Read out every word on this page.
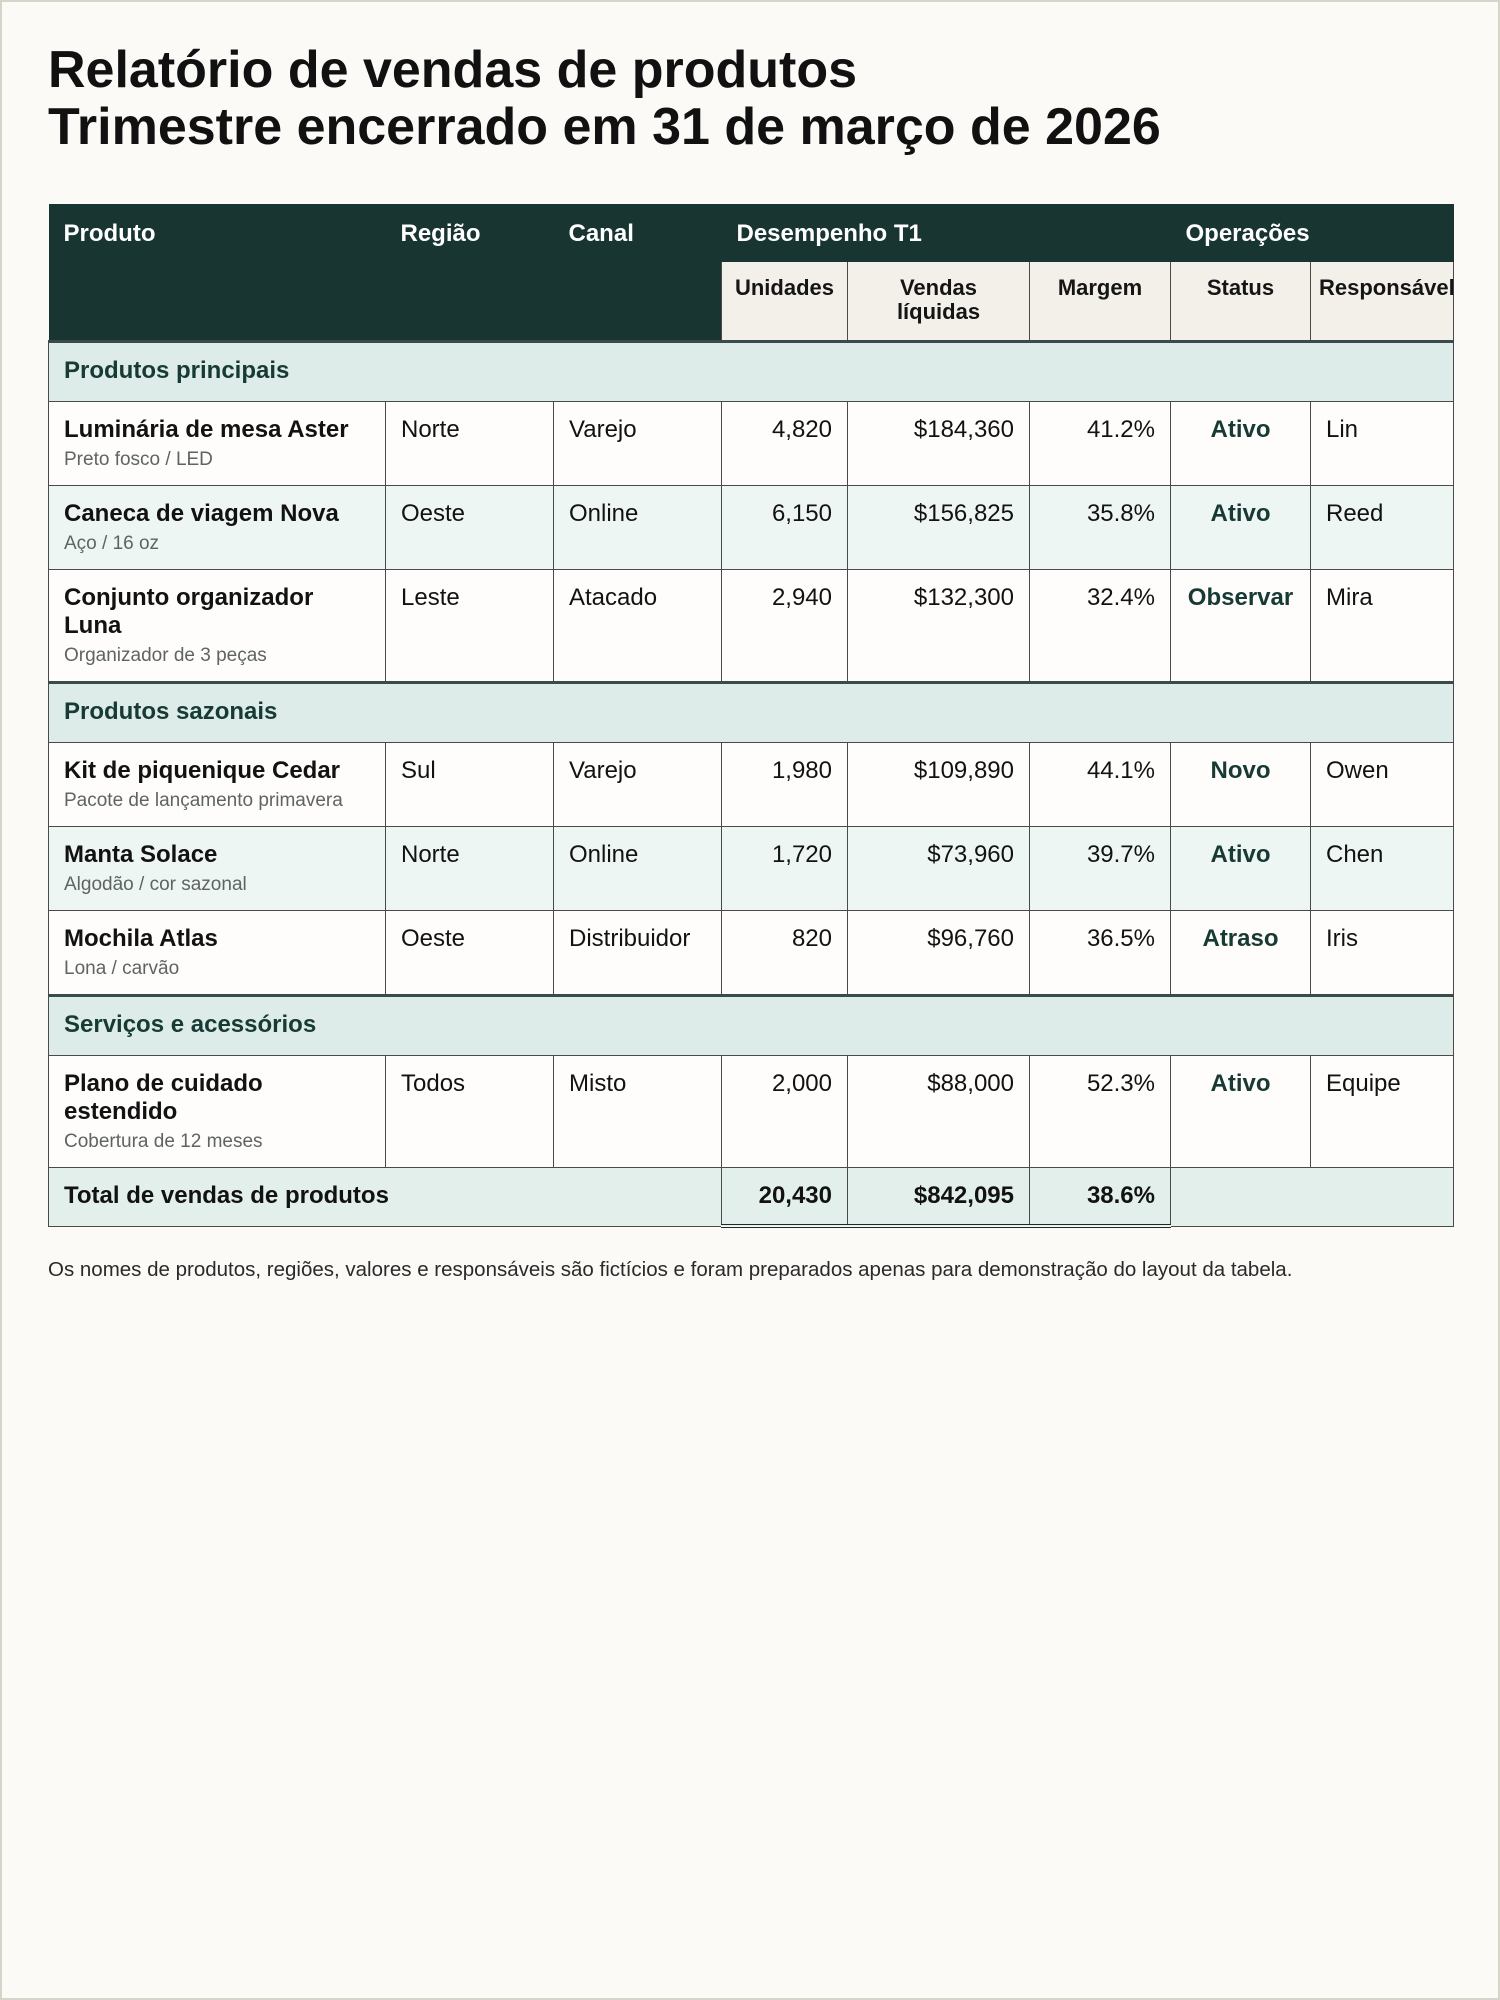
Relatório de vendas de produtos
Trimestre encerrado em 31 de março de 2026
Produto	Região	Canal	Desempenho T1			Operações	
			Unidades	Vendas líquidas	Margem	Status	Responsável
Produtos principais							

Luminária de mesa Aster
Preto fosco / LED	Norte	Varejo	4,820	$184,360	41.2%	Ativo	Lin

Caneca de viagem Nova
Aço / 16 oz	Oeste	Online	6,150	$156,825	35.8%	Ativo	Reed

Conjunto organizador Luna
Organizador de 3 peças	Leste	Atacado	2,940	$132,300	32.4%	Observar	Mira
Produtos sazonais							

Kit de piquenique Cedar
Pacote de lançamento primavera	Sul	Varejo	1,980	$109,890	44.1%	Novo	Owen

Manta Solace
Algodão / cor sazonal	Norte	Online	1,720	$73,960	39.7%	Ativo	Chen

Mochila Atlas
Lona / carvão	Oeste	Distribuidor	820	$96,760	36.5%	Atraso	Iris
Serviços e acessórios							

Plano de cuidado estendido
Cobertura de 12 meses	Todos	Misto	2,000	$88,000	52.3%	Ativo	Equipe
Total de vendas de produtos			20,430	$842,095	38.6%		

Os nomes de produtos, regiões, valores e responsáveis são fictícios e foram preparados apenas para demonstração do layout da tabela.
